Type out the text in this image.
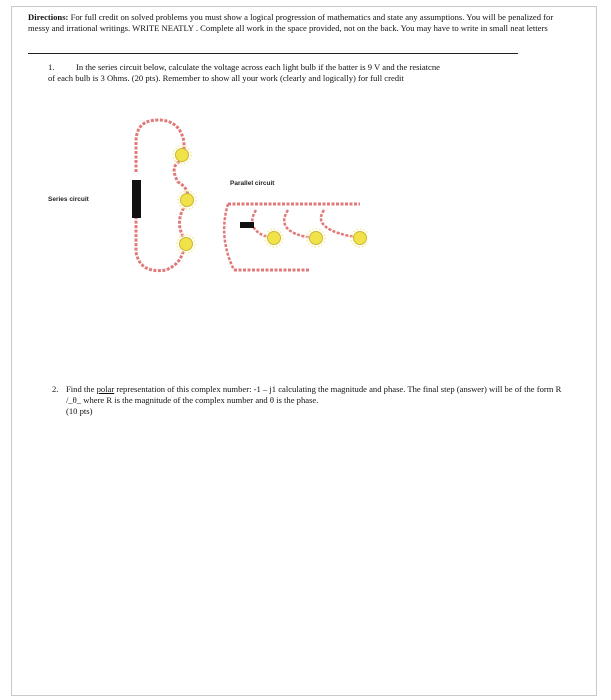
Directions: For full credit on solved problems you must show a logical progression of mathematics and state any assumptions. You will be penalized for messy and irrational writings. WRITE NEATLY . Complete all work in the space provided, not on the back. You may have to write in small neat letters
1.	In the series circuit below, calculate the voltage across each light bulb if the batter is 9 V and the resiatcne
of each bulb is 3 Ohms. (20 pts). Remember to show all your work (clearly and logically) for full credit
Series circuit
Parallel circuit
2. Find the polar representation of this complex number: -1 – j1 calculating the magnitude and phase. The final step (answer) will be of the form R /_θ_ where R is the magnitude of the complex number and θ is the phase.
(10 pts)
